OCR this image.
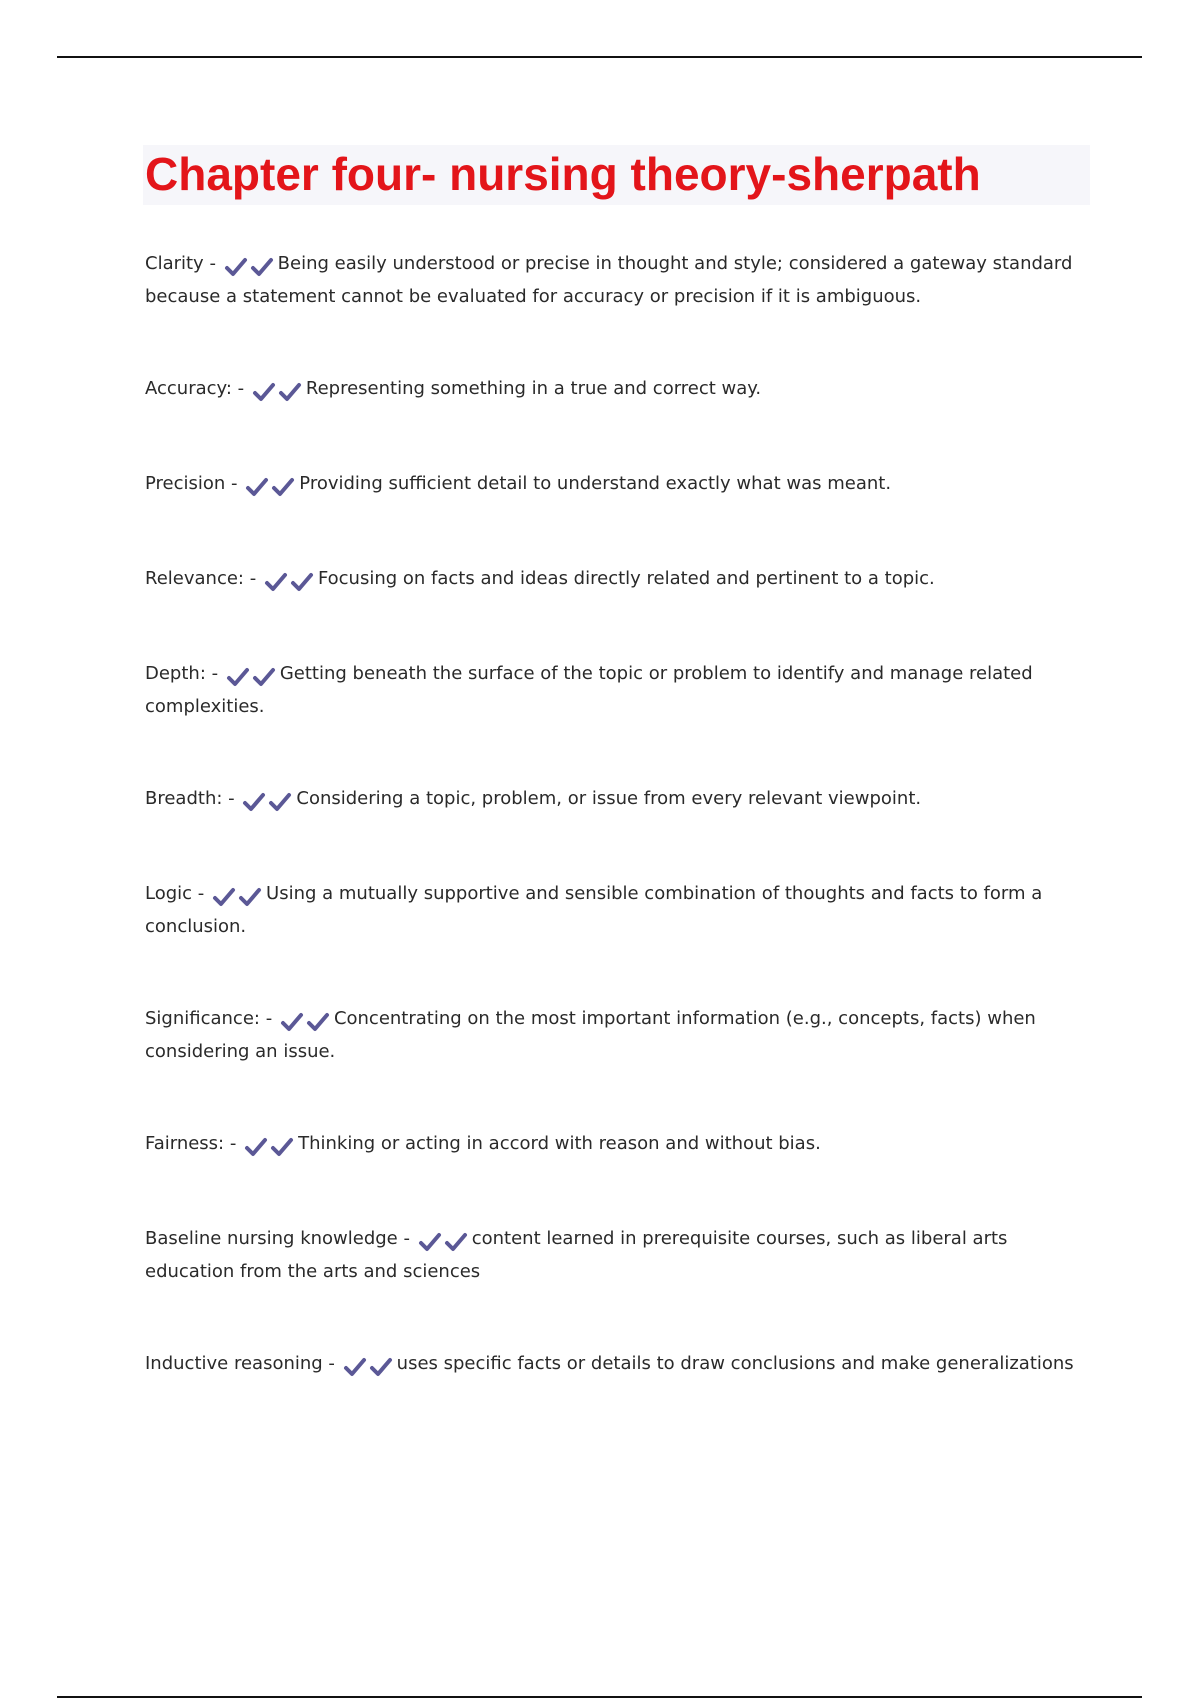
Chapter four- nursing theory-sherpath

Clarity -	Being easily understood or precise in thought and style; considered a gateway standard because a statement cannot be evaluated for accuracy or precision if it is ambiguous.

Accuracy: -	Representing something in a true and correct way.

Precision -	Providing sufficient detail to understand exactly what was meant.

Relevance: -	Focusing on facts and ideas directly related and pertinent to a topic.

Depth: -	Getting beneath the surface of the topic or problem to identify and manage related complexities.

Breadth: -	Considering a topic, problem, or issue from every relevant viewpoint.

Logic -	Using a mutually supportive and sensible combination of thoughts and facts to form a conclusion.

Significance: -	Concentrating on the most important information (e.g., concepts, facts) when considering an issue.

Fairness: -	Thinking or acting in accord with reason and without bias.

Baseline nursing knowledge -	content learned in prerequisite courses, such as liberal arts education from the arts and sciences

Inductive reasoning -	uses specific facts or details to draw conclusions and make generalizations
